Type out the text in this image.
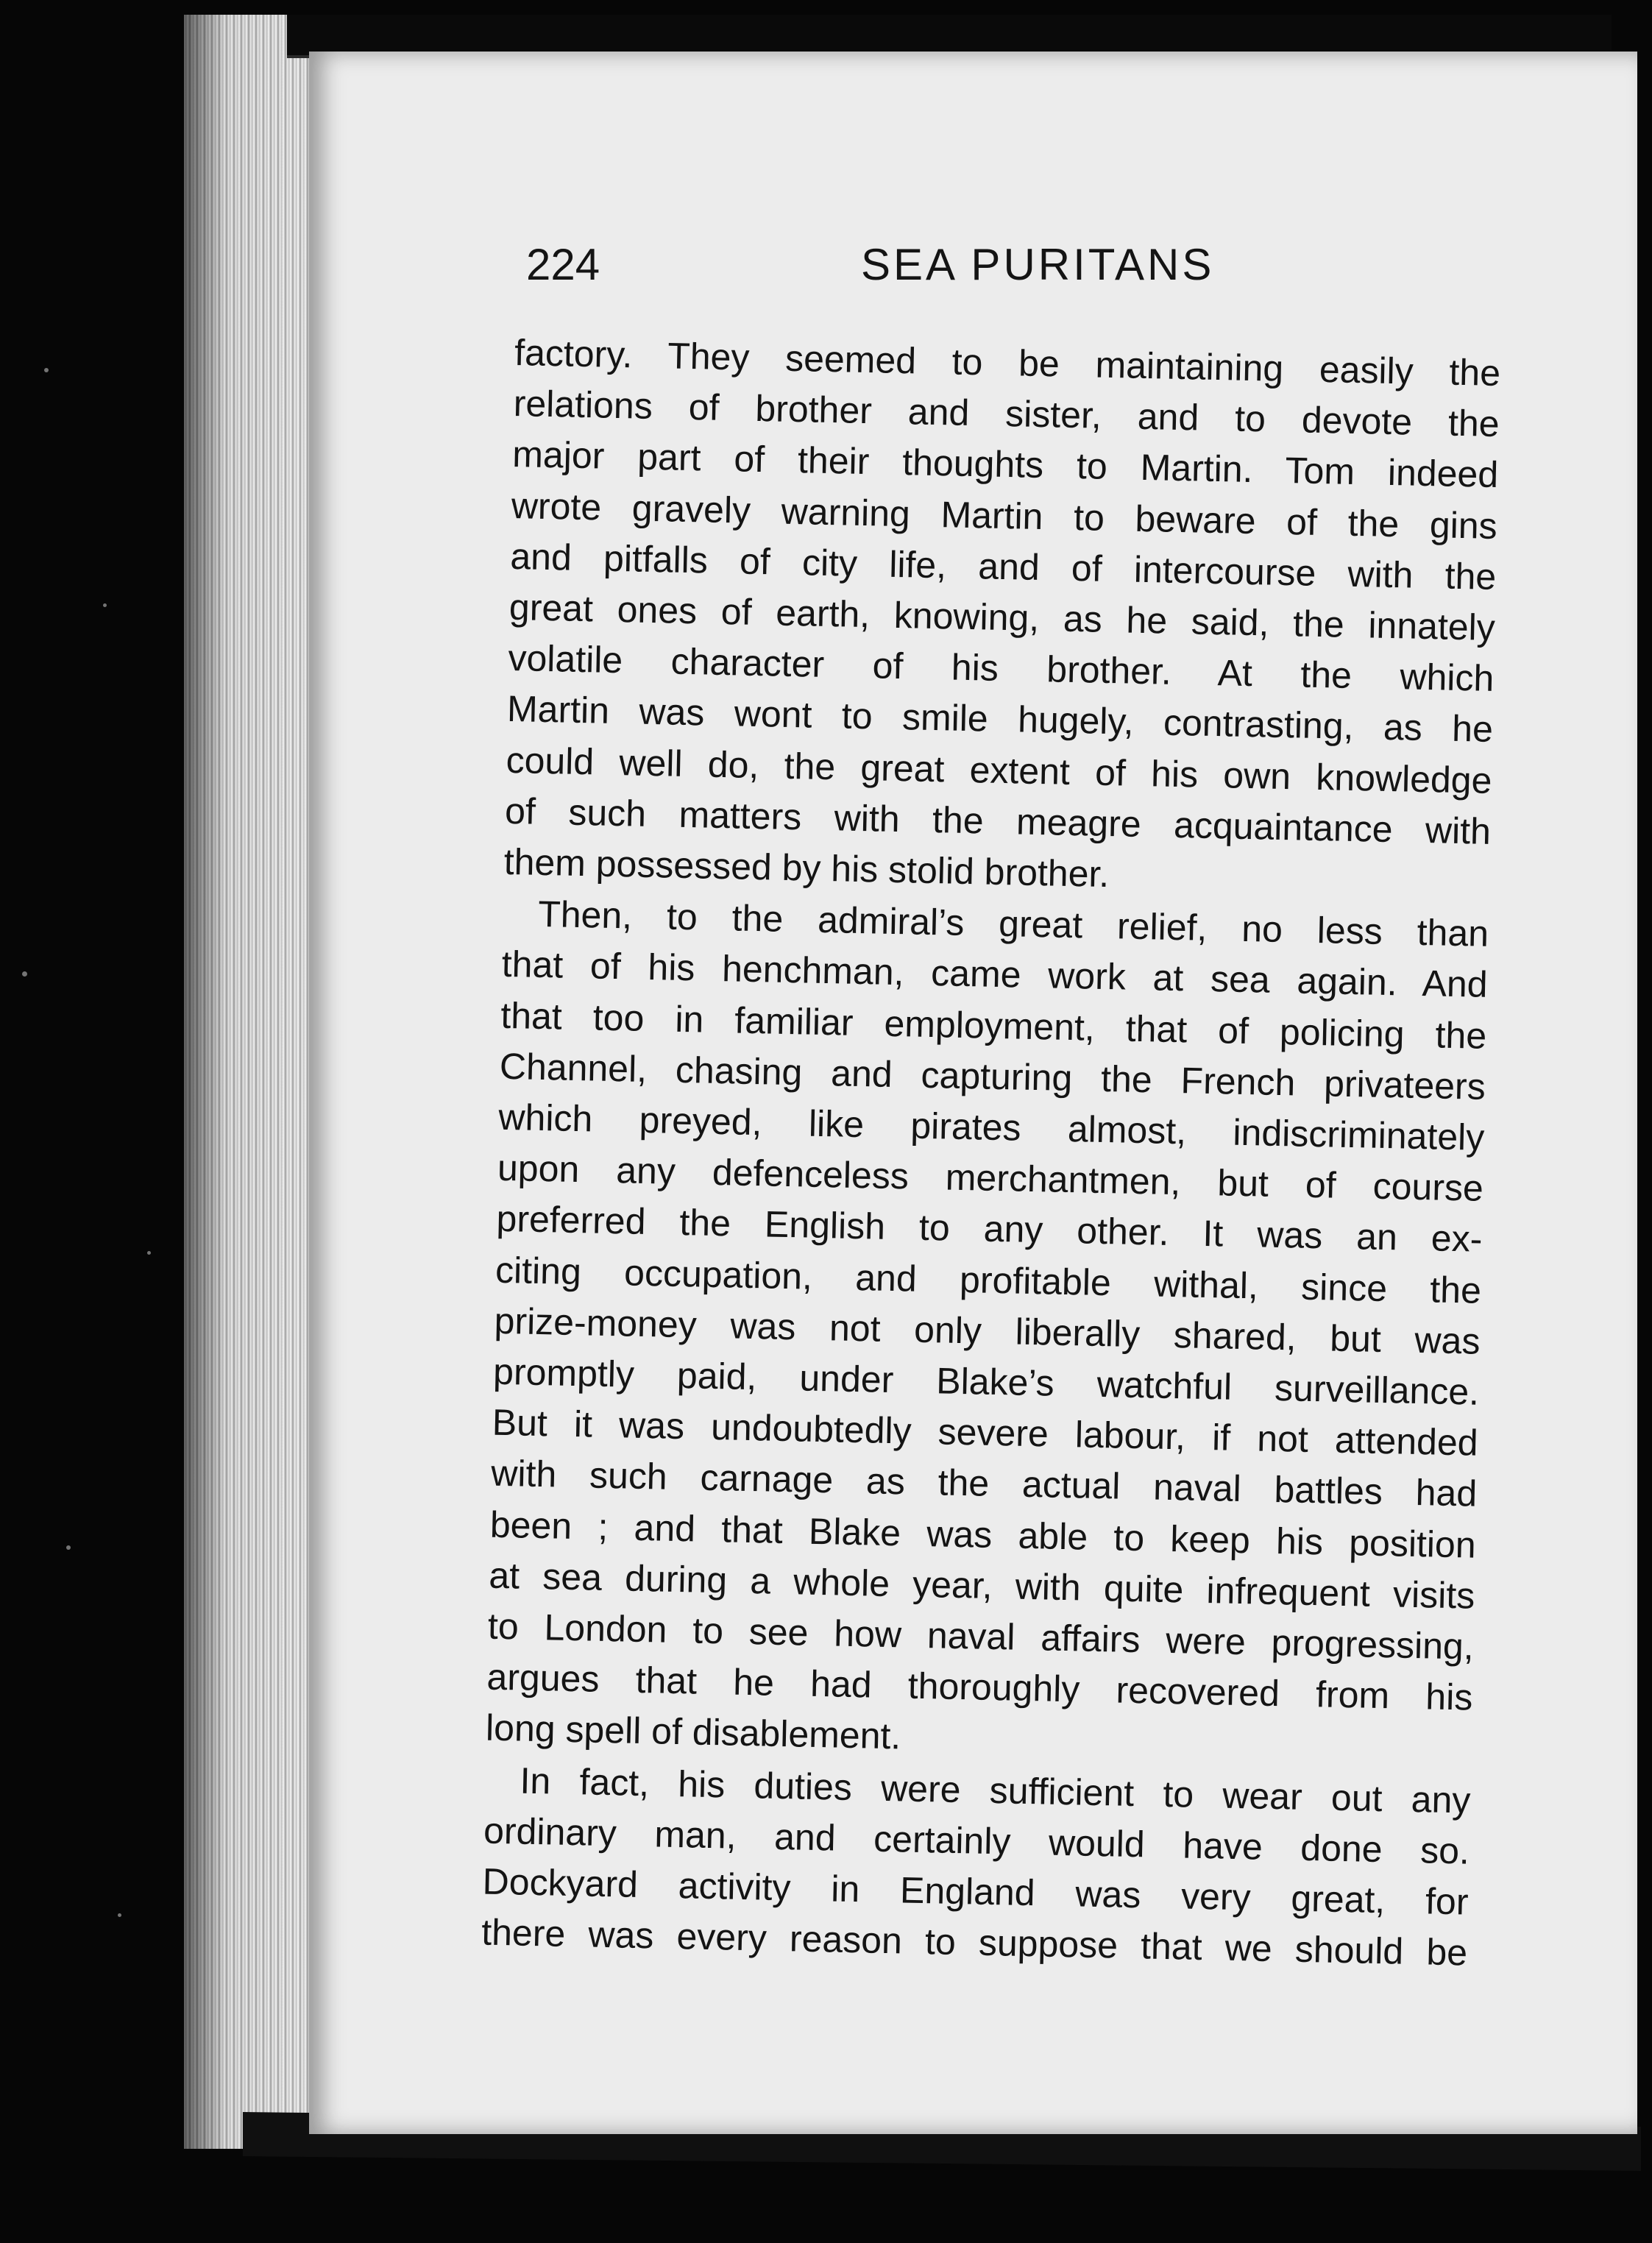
224	SEA PURITANS

factory. They seemed to be maintaining easily the
relations of brother and sister, and to devote the
major part of their thoughts to Martin. Tom indeed
wrote gravely warning Martin to beware of the gins
and pitfalls of city life, and of intercourse with the
great ones of earth, knowing, as he said, the innately
volatile character of his brother. At the which
Martin was wont to smile hugely, contrasting, as he
could well do, the great extent of his own knowledge
of such matters with the meagre acquaintance with
them possessed by his stolid brother.

Then, to the admiral’s great relief, no less than
that of his henchman, came work at sea again. And
that too in familiar employment, that of policing the
Channel, chasing and capturing the French privateers
which preyed, like pirates almost, indiscriminately
upon any defenceless merchantmen, but of course
preferred the English to any other. It was an ex-
citing occupation, and profitable withal, since the
prize-money was not only liberally shared, but was
promptly paid, under Blake’s watchful surveillance.
But it was undoubtedly severe labour, if not attended
with such carnage as the actual naval battles had
been ; and that Blake was able to keep his position
at sea during a whole year, with quite infrequent visits
to London to see how naval affairs were progressing,
argues that he had thoroughly recovered from his
long spell of disablement.

In fact, his duties were sufficient to wear out any
ordinary man, and certainly would have done so.
Dockyard activity in England was very great, for
there was every reason to suppose that we should be
